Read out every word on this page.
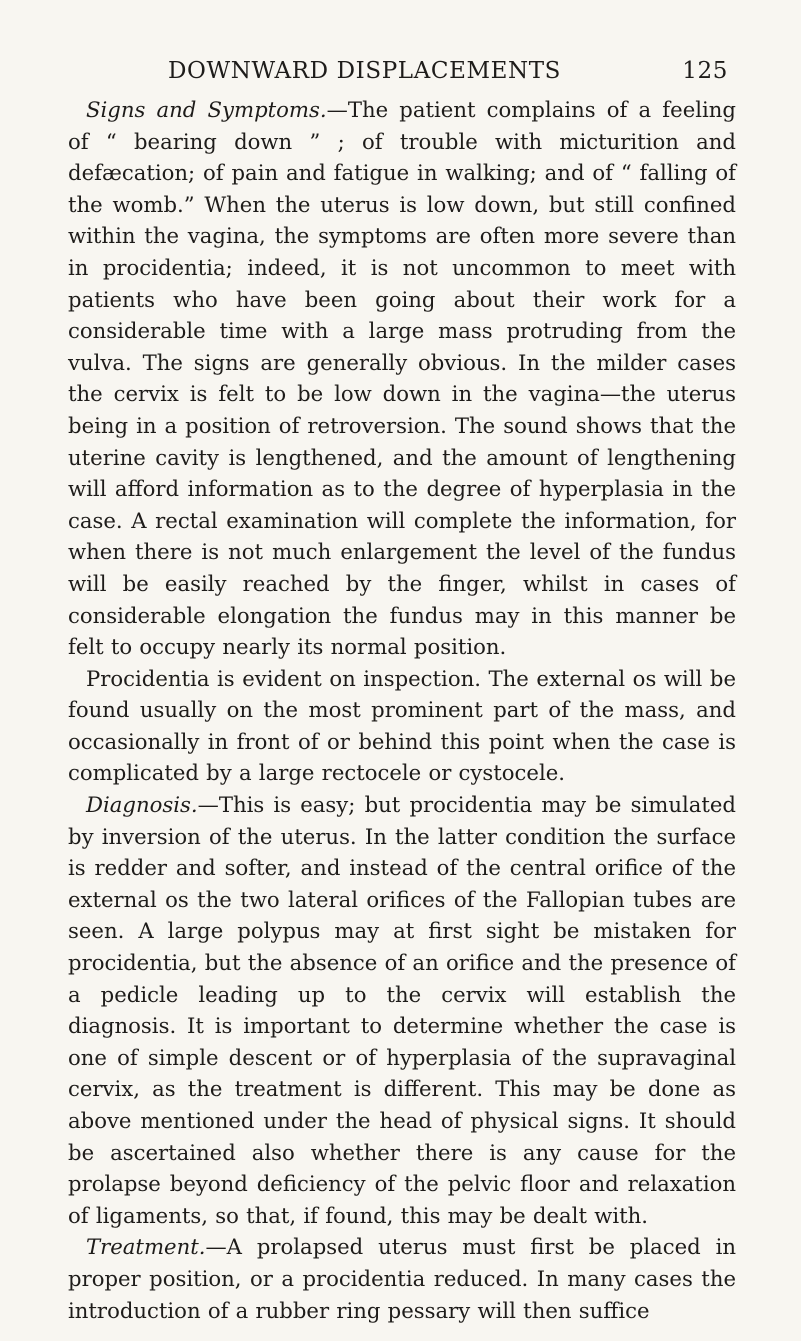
DOWNWARD DISPLACEMENTS	125

Signs and Symptoms.—The patient complains of a feeling of “ bearing down ” ; of trouble with micturition and defæcation; of pain and fatigue in walking; and of “ falling of the womb.” When the uterus is low down, but still confined within the vagina, the symptoms are often more severe than in procidentia; indeed, it is not uncommon to meet with patients who have been going about their work for a considerable time with a large mass protruding from the vulva. The signs are generally obvious. In the milder cases the cervix is felt to be low down in the vagina—the uterus being in a position of retroversion. The sound shows that the uterine cavity is lengthened, and the amount of lengthening will afford information as to the degree of hyperplasia in the case. A rectal examination will complete the information, for when there is not much enlargement the level of the fundus will be easily reached by the finger, whilst in cases of considerable elongation the fundus may in this manner be felt to occupy nearly its normal position.

Procidentia is evident on inspection. The external os will be found usually on the most prominent part of the mass, and occasionally in front of or behind this point when the case is complicated by a large rectocele or cystocele.

Diagnosis.—This is easy; but procidentia may be simulated by inversion of the uterus. In the latter condition the surface is redder and softer, and instead of the central orifice of the external os the two lateral orifices of the Fallopian tubes are seen. A large polypus may at first sight be mistaken for procidentia, but the absence of an orifice and the presence of a pedicle leading up to the cervix will establish the diagnosis. It is important to determine whether the case is one of simple descent or of hyperplasia of the supravaginal cervix, as the treatment is different. This may be done as above mentioned under the head of physical signs. It should be ascertained also whether there is any cause for the prolapse beyond deficiency of the pelvic floor and relaxation of ligaments, so that, if found, this may be dealt with.

Treatment.—A prolapsed uterus must first be placed in proper position, or a procidentia reduced. In many cases the introduction of a rubber ring pessary will then suffice
